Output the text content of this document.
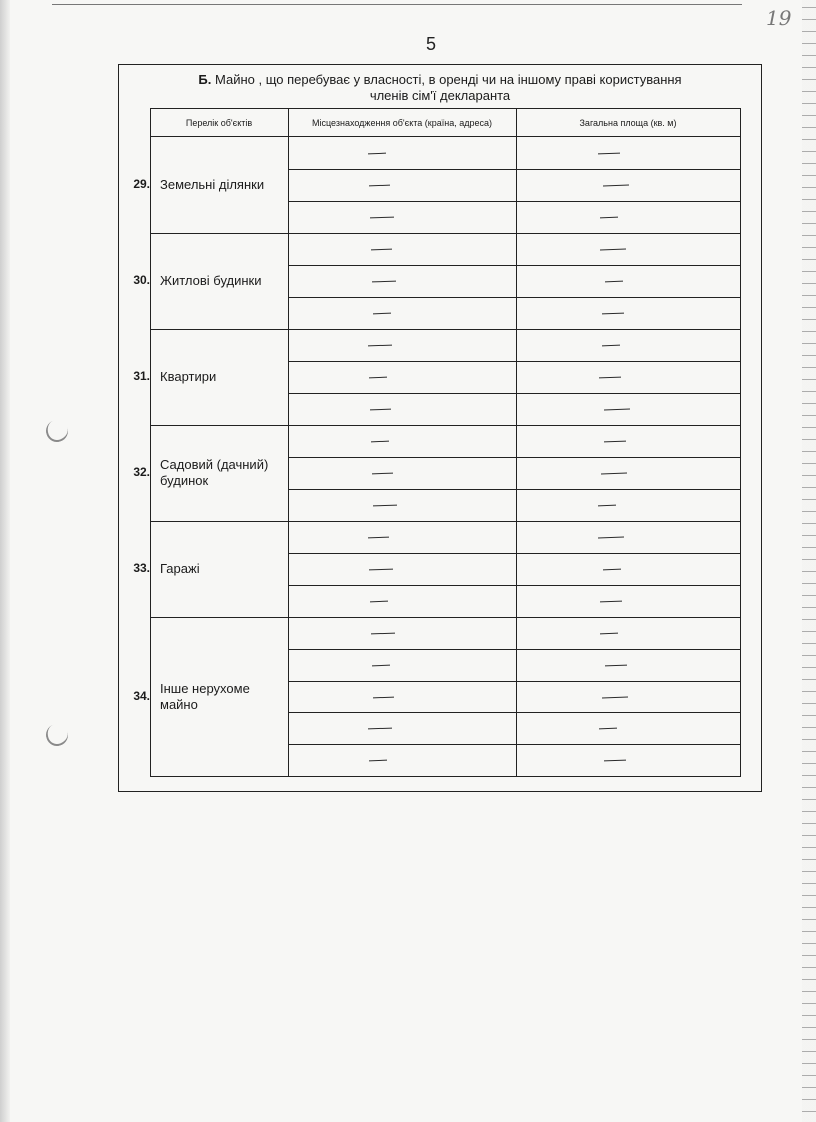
5
19
Б. Майно , що перебуває у власності, в оренді чи на іншому праві користування
членів сім'ї декларанта
Перелік об'єктів	Місцезнаходження об'єкта (країна, адреса)	Загальна площа (кв. м)
29. Земельні ділянки
30. Житлові будинки
31. Квартири
32. Садовий (дачний) будинок
33. Гаражі
34. Інше нерухоме майно
